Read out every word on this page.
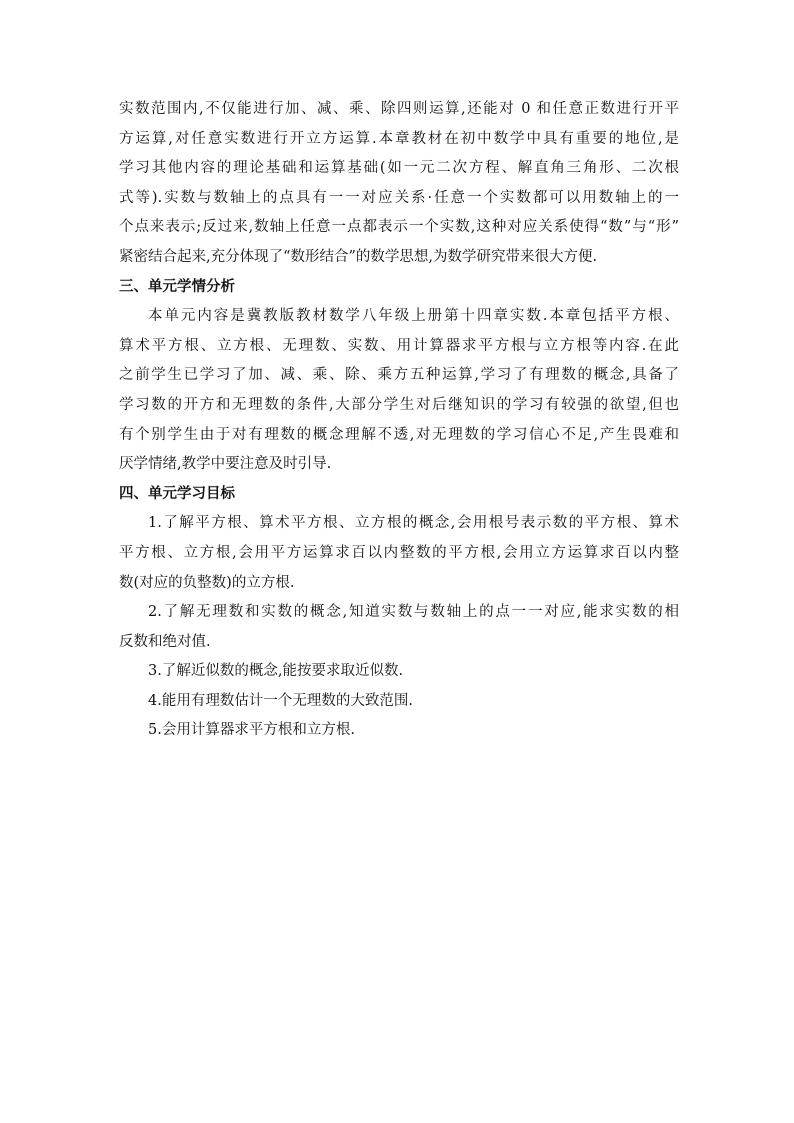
实数范围内,不仅能进行加、减、乘、除四则运算,还能对 0 和任意正数进行开平
方运算,对任意实数进行开立方运算.本章教材在初中数学中具有重要的地位,是
学习其他内容的理论基础和运算基础(如一元二次方程、解直角三角形、二次根
式等).实数与数轴上的点具有一一对应关系·任意一个实数都可以用数轴上的一
个点来表示;反过来,数轴上任意一点都表示一个实数,这种对应关系使得“数”与“形”
紧密结合起来,充分体现了“数形结合”的数学思想,为数学研究带来很大方便.
三、单元学情分析
本单元内容是冀教版教材数学八年级上册第十四章实数.本章包括平方根、
算术平方根、立方根、无理数、实数、用计算器求平方根与立方根等内容.在此
之前学生已学习了加、减、乘、除、乘方五种运算,学习了有理数的概念,具备了
学习数的开方和无理数的条件,大部分学生对后继知识的学习有较强的欲望,但也
有个别学生由于对有理数的概念理解不透,对无理数的学习信心不足,产生畏难和
厌学情绪,教学中要注意及时引导.
四、单元学习目标
1.了解平方根、算术平方根、立方根的概念,会用根号表示数的平方根、算术
平方根、立方根,会用平方运算求百以内整数的平方根,会用立方运算求百以内整
数(对应的负整数)的立方根.
2.了解无理数和实数的概念,知道实数与数轴上的点一一对应,能求实数的相
反数和绝对值.
3.了解近似数的概念,能按要求取近似数.
4.能用有理数估计一个无理数的大致范围.
5.会用计算器求平方根和立方根.
